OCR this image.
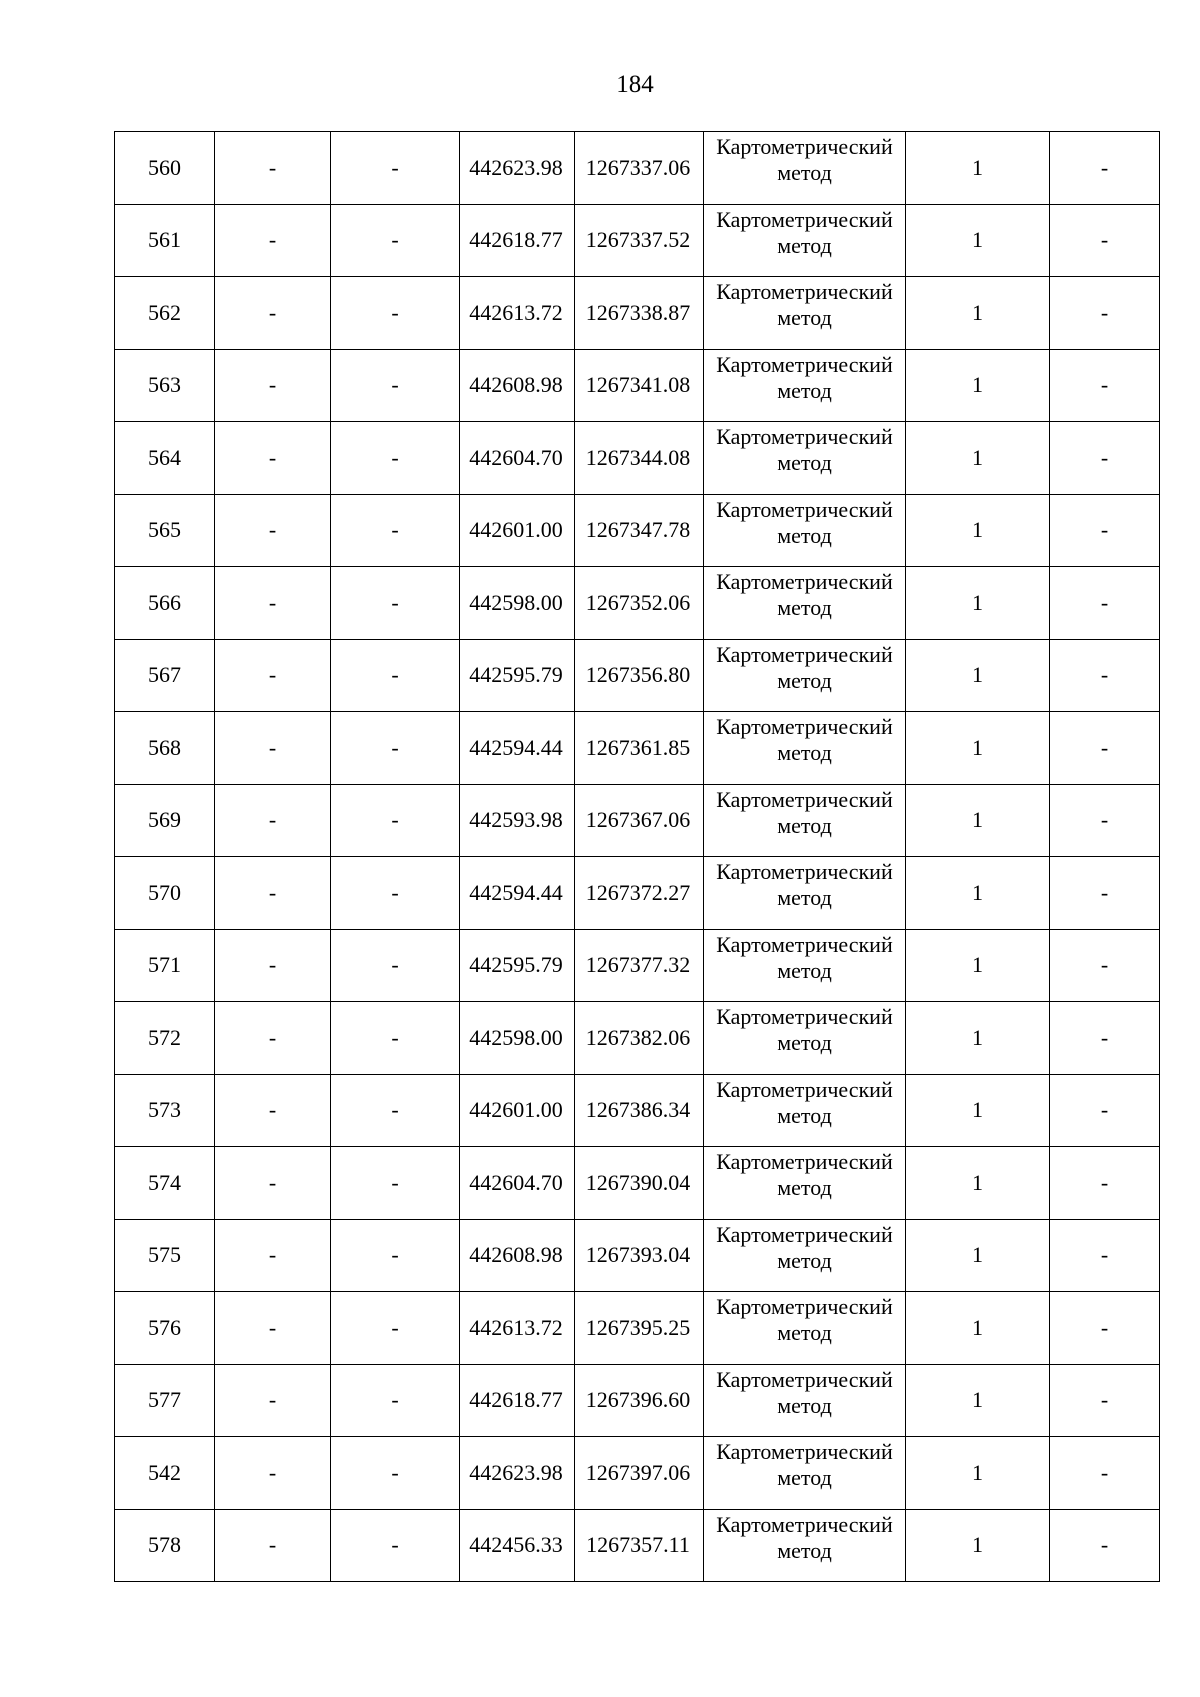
184
560	-	-	442623.98	1267337.06	Картометрический
метод	1	-
561	-	-	442618.77	1267337.52	Картометрический
метод	1	-
562	-	-	442613.72	1267338.87	Картометрический
метод	1	-
563	-	-	442608.98	1267341.08	Картометрический
метод	1	-
564	-	-	442604.70	1267344.08	Картометрический
метод	1	-
565	-	-	442601.00	1267347.78	Картометрический
метод	1	-
566	-	-	442598.00	1267352.06	Картометрический
метод	1	-
567	-	-	442595.79	1267356.80	Картометрический
метод	1	-
568	-	-	442594.44	1267361.85	Картометрический
метод	1	-
569	-	-	442593.98	1267367.06	Картометрический
метод	1	-
570	-	-	442594.44	1267372.27	Картометрический
метод	1	-
571	-	-	442595.79	1267377.32	Картометрический
метод	1	-
572	-	-	442598.00	1267382.06	Картометрический
метод	1	-
573	-	-	442601.00	1267386.34	Картометрический
метод	1	-
574	-	-	442604.70	1267390.04	Картометрический
метод	1	-
575	-	-	442608.98	1267393.04	Картометрический
метод	1	-
576	-	-	442613.72	1267395.25	Картометрический
метод	1	-
577	-	-	442618.77	1267396.60	Картометрический
метод	1	-
542	-	-	442623.98	1267397.06	Картометрический
метод	1	-
578	-	-	442456.33	1267357.11	Картометрический
метод	1	-
